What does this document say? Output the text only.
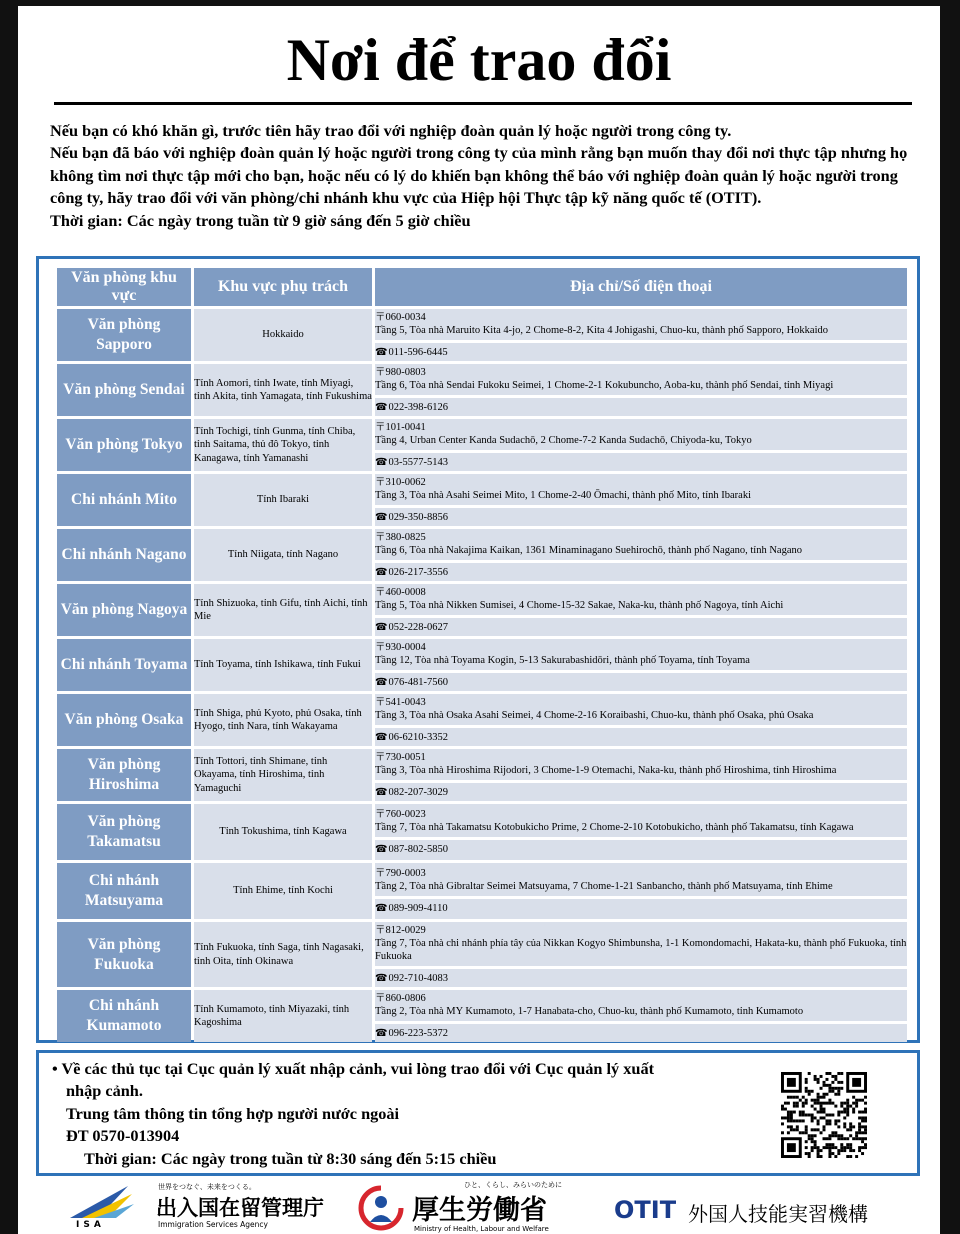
Nơi để trao đổi

Nếu bạn có khó khăn gì, trước tiên hãy trao đổi với nghiệp đoàn quản lý hoặc người trong công ty.

Nếu bạn đã báo với nghiệp đoàn quản lý hoặc người trong công ty của mình rằng bạn muốn thay đổi nơi thực tập nhưng họ không tìm nơi thực tập mới cho bạn, hoặc nếu có lý do khiến bạn không thể báo với nghiệp đoàn quản lý hoặc người trong công ty, hãy trao đổi với văn phòng/chi nhánh khu vực của Hiệp hội Thực tập kỹ năng quốc tế (OTIT).

Thời gian: Các ngày trong tuần từ 9 giờ sáng đến 5 giờ chiều

Văn phòng khu vực	Khu vực phụ trách	Địa chỉ/Số điện thoại

Văn phòng Sapporo	Hokkaido	〒060-0034
Tầng 5, Tòa nhà Maruito Kita 4-jo, 2 Chome-8-2, Kita 4 Johigashi, Chuo-ku, thành phố Sapporo, Hokkaido
☎011-596-6445

Văn phòng Sendai	Tỉnh Aomori, tỉnh Iwate, tỉnh Miyagi, tỉnh Akita, tỉnh Yamagata, tỉnh Fukushima	〒980-0803
Tầng 6, Tòa nhà Sendai Fukoku Seimei, 1 Chome-2-1 Kokubuncho, Aoba-ku, thành phố Sendai, tỉnh Miyagi
☎022-398-6126

Văn phòng Tokyo	Tỉnh Tochigi, tỉnh Gunma, tỉnh Chiba, tỉnh Saitama, thủ đô Tokyo, tỉnh Kanagawa, tỉnh Yamanashi	〒101-0041
Tầng 4, Urban Center Kanda Sudachō, 2 Chome-7-2 Kanda Sudachō, Chiyoda-ku, Tokyo
☎03-5577-5143

Chi nhánh Mito	Tỉnh Ibaraki	〒310-0062
Tầng 3, Tòa nhà Asahi Seimei Mito, 1 Chome-2-40 Ōmachi, thành phố Mito, tỉnh Ibaraki
☎029-350-8856

Chi nhánh Nagano	Tỉnh Niigata, tỉnh Nagano	〒380-0825
Tầng 6, Tòa nhà Nakajima Kaikan, 1361 Minaminagano Suehirochō, thành phố Nagano, tỉnh Nagano
☎026-217-3556

Văn phòng Nagoya	Tỉnh Shizuoka, tỉnh Gifu, tỉnh Aichi, tỉnh Mie	〒460-0008
Tầng 5, Tòa nhà Nikken Sumisei, 4 Chome-15-32 Sakae, Naka-ku, thành phố Nagoya, tỉnh Aichi
☎052-228-0627

Chi nhánh Toyama	Tỉnh Toyama, tỉnh Ishikawa, tỉnh Fukui	〒930-0004
Tầng 12, Tòa nhà Toyama Kogin, 5-13 Sakurabashidōri, thành phố Toyama, tỉnh Toyama
☎076-481-7560

Văn phòng Osaka	Tỉnh Shiga, phủ Kyoto, phủ Osaka, tỉnh Hyogo, tỉnh Nara, tỉnh Wakayama	〒541-0043
Tầng 3, Tòa nhà Osaka Asahi Seimei, 4 Chome-2-16 Koraibashi, Chuo-ku, thành phố Osaka, phủ Osaka
☎06-6210-3352

Văn phòng Hiroshima	Tỉnh Tottori, tỉnh Shimane, tỉnh Okayama, tỉnh Hiroshima, tỉnh Yamaguchi	〒730-0051
Tầng 3, Tòa nhà Hiroshima Rijodori, 3 Chome-1-9 Otemachi, Naka-ku, thành phố Hiroshima, tỉnh Hiroshima
☎082-207-3029

Văn phòng Takamatsu	Tỉnh Tokushima, tỉnh Kagawa	〒760-0023
Tầng 7, Tòa nhà Takamatsu Kotobukicho Prime, 2 Chome-2-10 Kotobukicho, thành phố Takamatsu, tỉnh Kagawa
☎087-802-5850

Chi nhánh Matsuyama	Tỉnh Ehime, tỉnh Kochi	〒790-0003
Tầng 2, Tòa nhà Gibraltar Seimei Matsuyama, 7 Chome-1-21 Sanbancho, thành phố Matsuyama, tỉnh Ehime
☎089-909-4110

Văn phòng Fukuoka	Tỉnh Fukuoka, tỉnh Saga, tỉnh Nagasaki, tỉnh Oita, tỉnh Okinawa	〒812-0029
Tầng 7, Tòa nhà chi nhánh phía tây của Nikkan Kogyo Shimbunsha, 1-1 Komondomachi, Hakata-ku, thành phố Fukuoka, tỉnh Fukuoka
☎092-710-4083

Chi nhánh Kumamoto	Tỉnh Kumamoto, tỉnh Miyazaki, tỉnh Kagoshima	〒860-0806
Tầng 2, Tòa nhà MY Kumamoto, 1-7 Hanabata-cho, Chuo-ku, thành phố Kumamoto, tỉnh Kumamoto
☎096-223-5372
• Về các thủ tục tại Cục quản lý xuất nhập cảnh, vui lòng trao đổi với Cục quản lý xuất
nhập cảnh.
Trung tâm thông tin tổng hợp người nước ngoài
ĐT 0570-013904
Thời gian: Các ngày trong tuần từ 8:30 sáng đến 5:15 chiều
ISA
世界をつなぐ、未来をつくる。
出入国在留管理庁
Immigration Services Agency
ひと、くらし、みらいのために
厚生労働省
Ministry of Health, Labour and Welfare
OTIT 外国人技能実習機構
